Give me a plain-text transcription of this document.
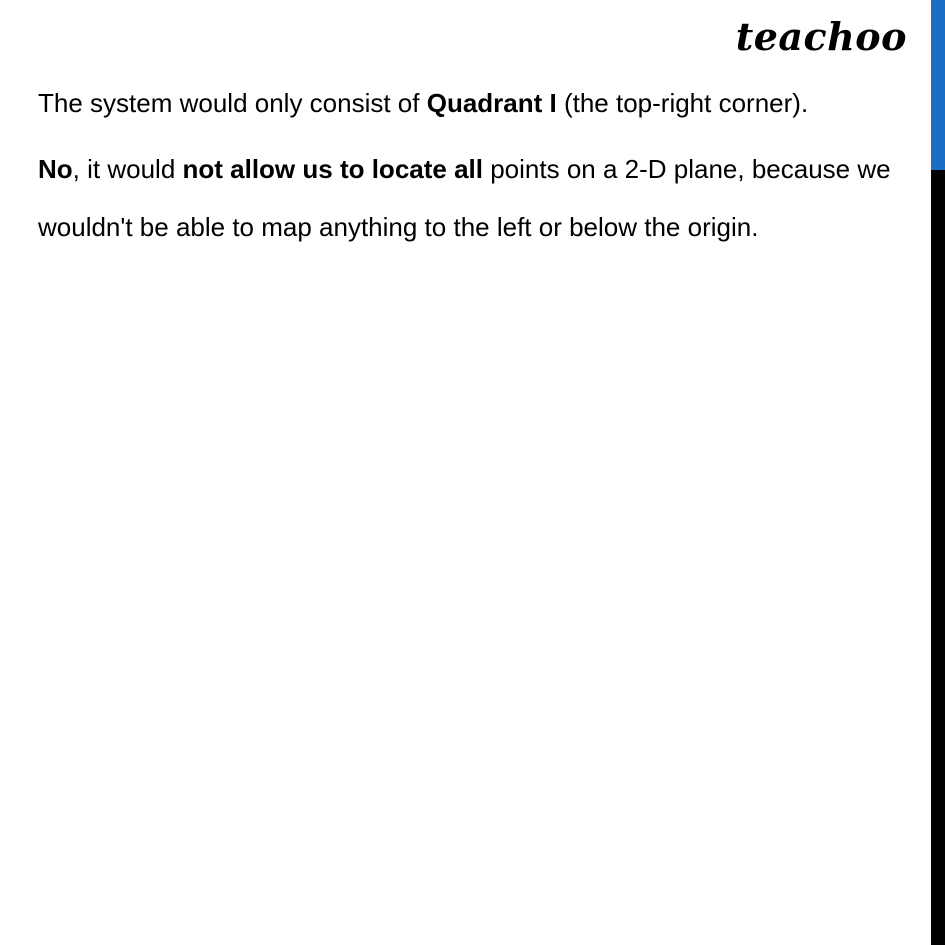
teachoo

The system would only consist of Quadrant I (the top-right corner).

No, it would not allow us to locate all points on a 2-D plane, because we wouldn't be able to map anything to the left or below the origin.
